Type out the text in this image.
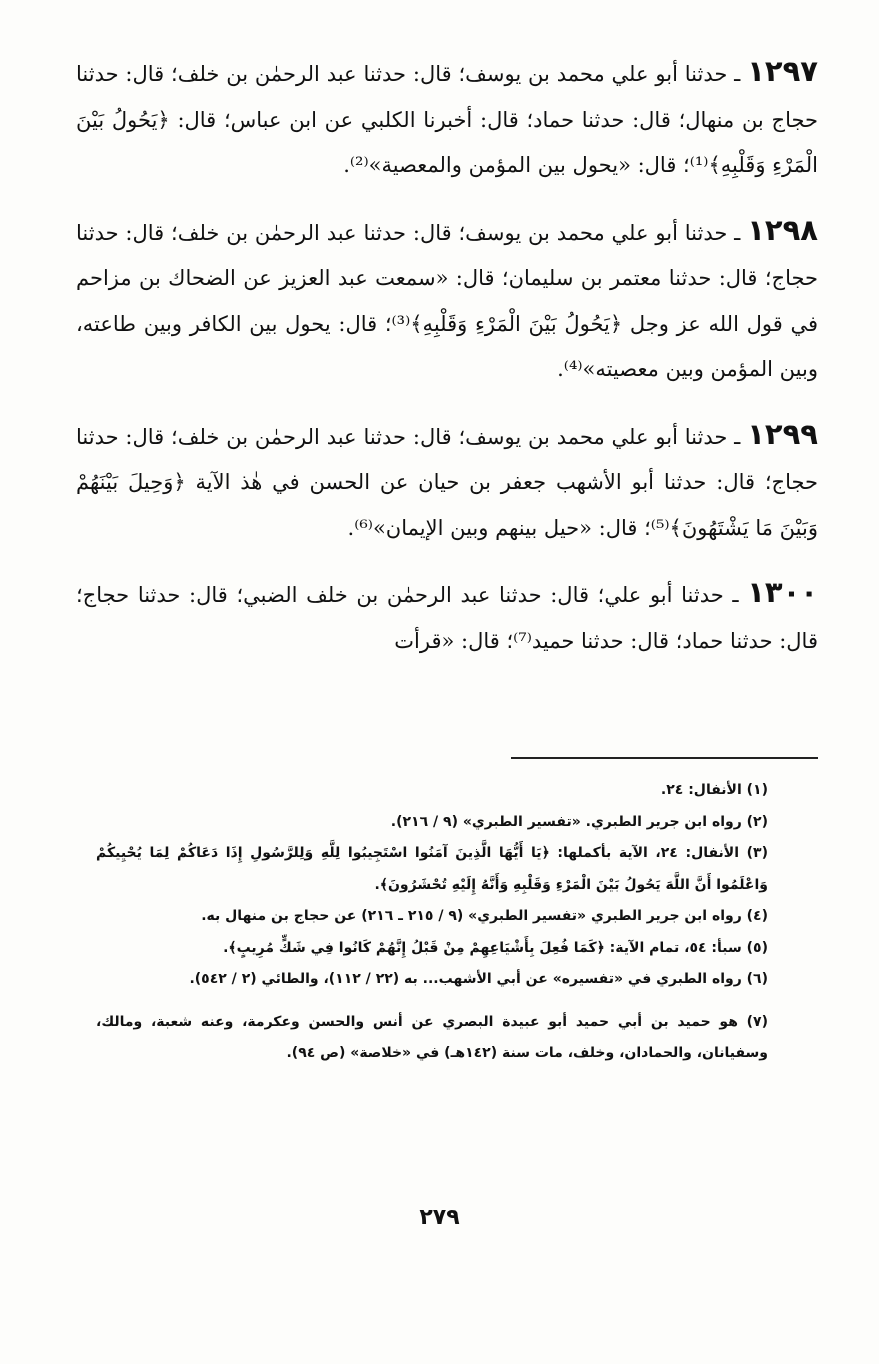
١٢٩٧ ـ حدثنا أبو علي محمد بن يوسف؛ قال: حدثنا عبد الرحمٰن بن خلف؛ قال: حدثنا حجاج بن منهال؛ قال: حدثنا حماد؛ قال: أخبرنا الكلبي عن ابن عباس؛ قال: ﴿يَحُولُ بَيْنَ الْمَرْءِ وَقَلْبِهِ﴾⁽¹⁾؛ قال: «يحول بين المؤمن والمعصية»⁽²⁾.

١٢٩٨ ـ حدثنا أبو علي محمد بن يوسف؛ قال: حدثنا عبد الرحمٰن بن خلف؛ قال: حدثنا حجاج؛ قال: حدثنا معتمر بن سليمان؛ قال: «سمعت عبد العزيز عن الضحاك بن مزاحم في قول الله عز وجل ﴿يَحُولُ بَيْنَ الْمَرْءِ وَقَلْبِهِ﴾⁽³⁾؛ قال: يحول بين الكافر وبين طاعته، وبين المؤمن وبين معصيته»⁽⁴⁾.

١٢٩٩ ـ حدثنا أبو علي محمد بن يوسف؛ قال: حدثنا عبد الرحمٰن بن خلف؛ قال: حدثنا حجاج؛ قال: حدثنا أبو الأشهب جعفر بن حيان عن الحسن في هٰذ الآية ﴿وَحِيلَ بَيْنَهُمْ وَبَيْنَ مَا يَشْتَهُونَ﴾⁽⁵⁾؛ قال: «حيل بينهم وبين الإيمان»⁽⁶⁾.

١٣٠٠ ـ حدثنا أبو علي؛ قال: حدثنا عبد الرحمٰن بن خلف الضبي؛ قال: حدثنا حجاج؛ قال: حدثنا حماد؛ قال: حدثنا حميد⁽⁷⁾؛ قال: «قرأت

(١) الأنفال: ٢٤.

(٢) رواه ابن جرير الطبري. «تفسير الطبري» (٩ / ٢١٦).

(٣) الأنفال: ٢٤، الآية بأكملها: ﴿يَا أَيُّهَا الَّذِينَ آمَنُوا اسْتَجِيبُوا لِلَّهِ وَلِلرَّسُولِ إِذَا دَعَاكُمْ لِمَا يُحْيِيكُمْ وَاعْلَمُوا أَنَّ اللَّهَ يَحُولُ بَيْنَ الْمَرْءِ وَقَلْبِهِ وَأَنَّهُ إِلَيْهِ تُحْشَرُونَ﴾.

(٤) رواه ابن جرير الطبري «تفسير الطبري» (٩ / ٢١٥ ـ ٢١٦) عن حجاج بن منهال به.

(٥) سبأ: ٥٤، تمام الآية: ﴿كَمَا فُعِلَ بِأَشْيَاعِهِمْ مِنْ قَبْلُ إِنَّهُمْ كَانُوا فِي شَكٍّ مُرِيبٍ﴾.

(٦) رواه الطبري في «تفسيره» عن أبي الأشهب... به (٢٢ / ١١٢)، والطائي (٢ / ٥٤٢).

(٧) هو حميد بن أبي حميد أبو عبيدة البصري عن أنس والحسن وعكرمة، وعنه شعبة، ومالك، وسفيانان، والحمادان، وخلف، مات سنة (١٤٢هـ) في «خلاصة» (ص ٩٤).

٢٧٩
